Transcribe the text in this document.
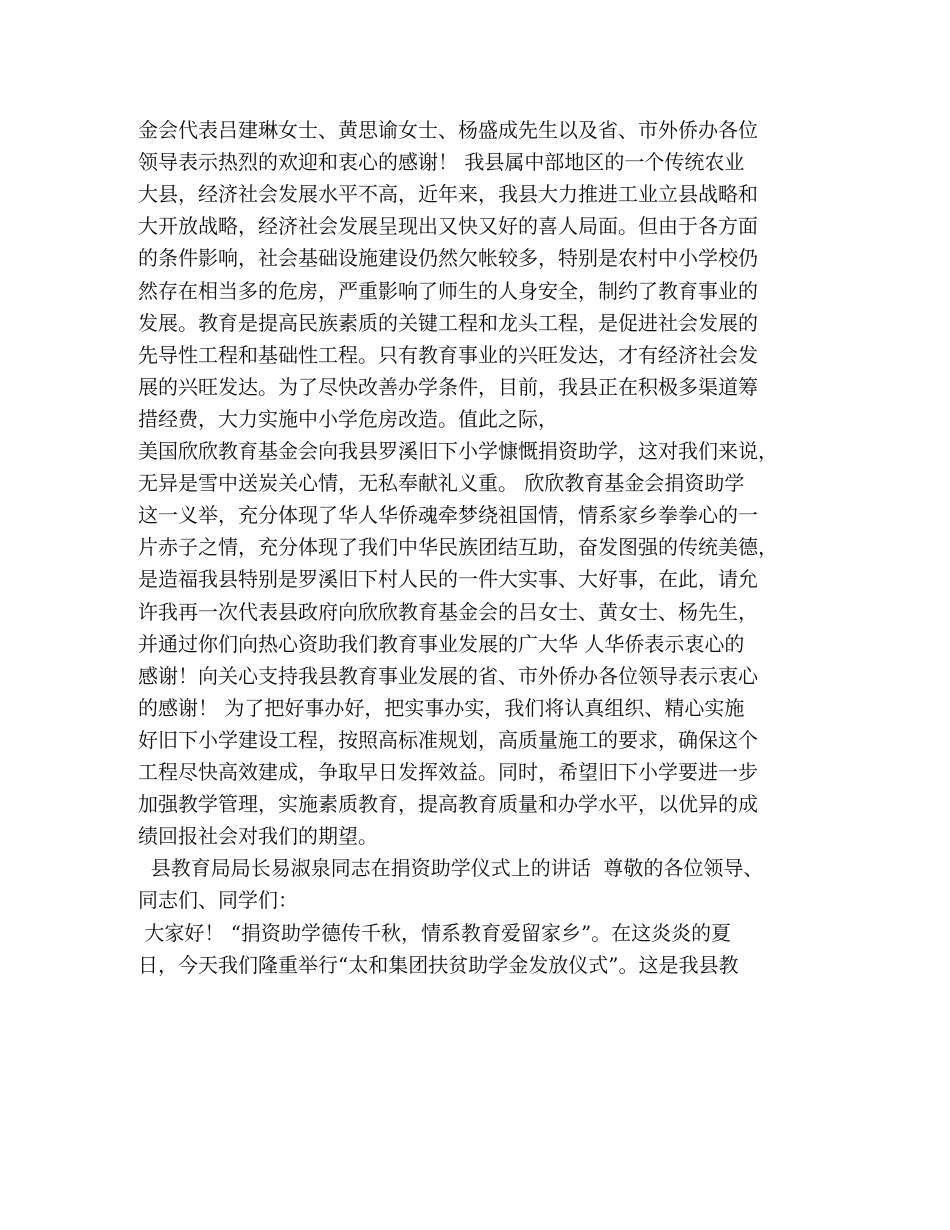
金会代表吕建琳女士、黄思谕女士、杨盛成先生以及省、市外侨办各位
领导表示热烈的欢迎和衷心的感谢！ 我县属中部地区的一个传统农业
大县，经济社会发展水平不高，近年来，我县大力推进工业立县战略和
大开放战略，经济社会发展呈现出又快又好的喜人局面。但由于各方面
的条件影响，社会基础设施建设仍然欠帐较多，特别是农村中小学校仍
然存在相当多的危房，严重影响了师生的人身安全，制约了教育事业的
发展。教育是提高民族素质的关键工程和龙头工程，是促进社会发展的
先导性工程和基础性工程。只有教育事业的兴旺发达，才有经济社会发
展的兴旺发达。为了尽快改善办学条件，目前，我县正在积极多渠道筹
措经费，大力实施中小学危房改造。值此之际，
美国欣欣教育基金会向我县罗溪旧下小学慷慨捐资助学，这对我们来说，
无异是雪中送炭关心情，无私奉献礼义重。 欣欣教育基金会捐资助学
这一义举，充分体现了华人华侨魂牵梦绕祖国情，情系家乡拳拳心的一
片赤子之情，充分体现了我们中华民族团结互助，奋发图强的传统美德，
是造福我县特别是罗溪旧下村人民的一件大实事、大好事，在此，请允
许我再一次代表县政府向欣欣教育基金会的吕女士、黄女士、杨先生，
并通过你们向热心资助我们教育事业发展的广大华 人华侨表示衷心的
感谢！向关心支持我县教育事业发展的省、市外侨办各位领导表示衷心
的感谢！ 为了把好事办好，把实事办实，我们将认真组织、精心实施
好旧下小学建设工程，按照高标准规划，高质量施工的要求，确保这个
工程尽快高效建成，争取早日发挥效益。同时，希望旧下小学要进一步
加强教学管理，实施素质教育，提高教育质量和办学水平，以优异的成
绩回报社会对我们的期望。
县教育局局长易淑泉同志在捐资助学仪式上的讲话  尊敬的各位领导、
同志们、同学们：
大家好！ “捐资助学德传千秋，情系教育爱留家乡”。在这炎炎的夏
日，今天我们隆重举行“太和集团扶贫助学金发放仪式”。这是我县教
